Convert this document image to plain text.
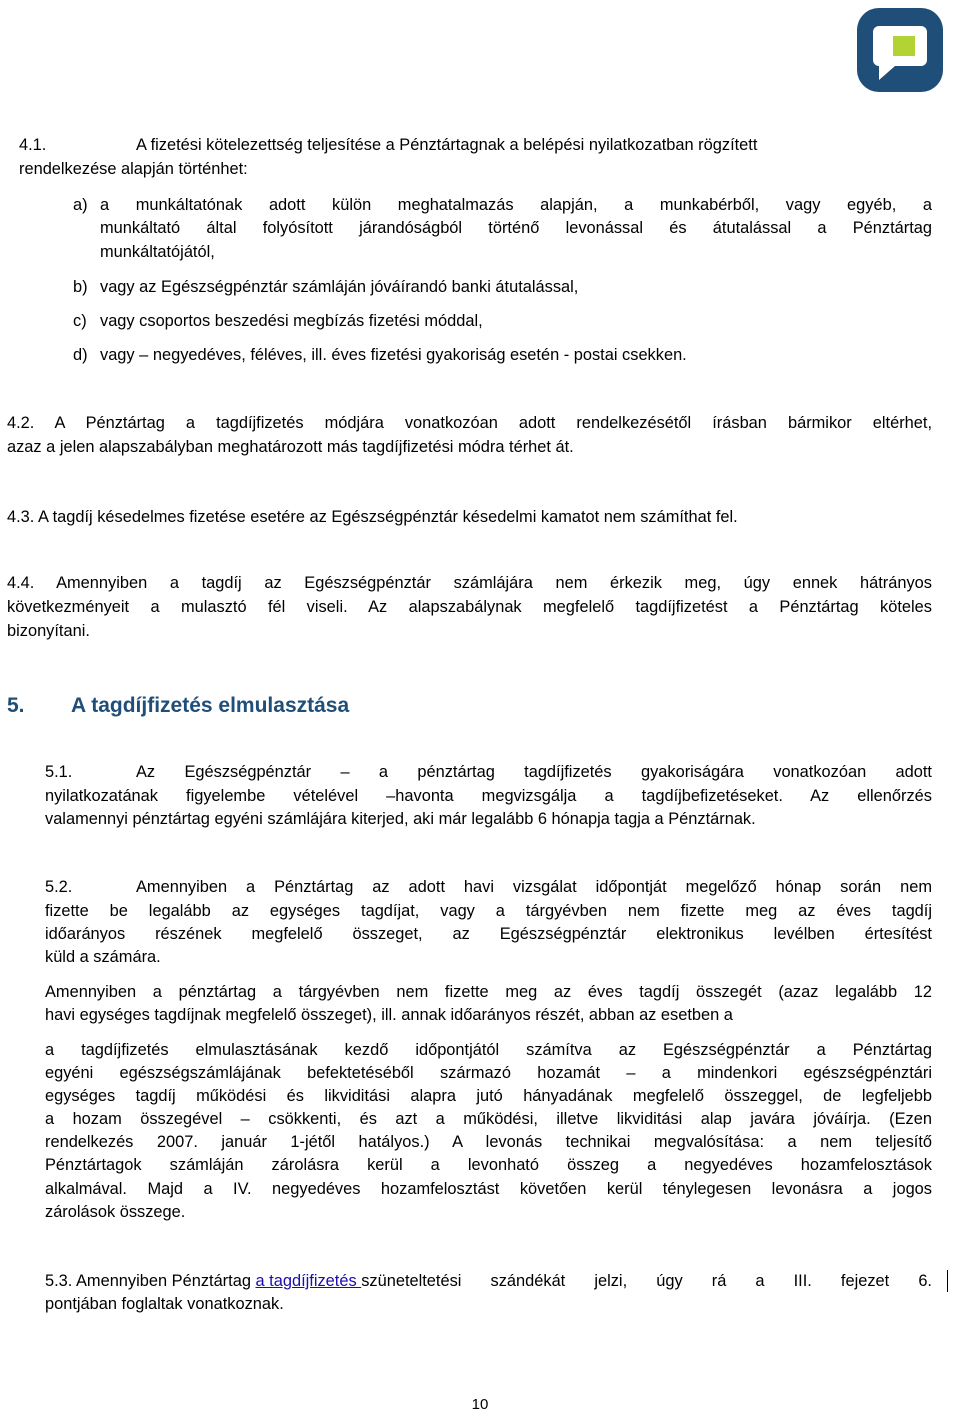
4.1.	A fizetési kötelezettség teljesítése a Pénztártagnak a belépési nyilatkozatban rögzített
rendelkezése alapján történhet:
a) a munkáltatónak adott külön meghatalmazás alapján, a munkabérből, vagy egyéb, a
munkáltató által folyósított járandóságból történő levonással és átutalással a Pénztártag
munkáltatójától,
b) vagy az Egészségpénztár számláján jóváírandó banki átutalással,
c) vagy csoportos beszedési megbízás fizetési móddal,
d) vagy – negyedéves, féléves, ill. éves fizetési gyakoriság esetén - postai csekken.
4.2. A Pénztártag a tagdíjfizetés módjára vonatkozóan adott rendelkezésétől írásban bármikor eltérhet,
azaz a jelen alapszabályban meghatározott más tagdíjfizetési módra térhet át.
4.3. A tagdíj késedelmes fizetése esetére az Egészségpénztár késedelmi kamatot nem számíthat fel.
4.4. Amennyiben a tagdíj az Egészségpénztár számlájára nem érkezik meg, úgy ennek hátrányos
következményeit a mulasztó fél viseli. Az alapszabálynak megfelelő tagdíjfizetést a Pénztártag köteles
bizonyítani.
5. A tagdíjfizetés elmulasztása
5.1.	Az Egészségpénztár – a pénztártag tagdíjfizetés gyakoriságára vonatkozóan adott
nyilatkozatának figyelembe vételével –havonta megvizsgálja a tagdíjbefizetéseket. Az ellenőrzés
valamennyi pénztártag egyéni számlájára kiterjed, aki már legalább 6 hónapja tagja a Pénztárnak.
5.2.	Amennyiben a Pénztártag az adott havi vizsgálat időpontját megelőző hónap során nem
fizette be legalább az egységes tagdíjat, vagy a tárgyévben nem fizette meg az éves tagdíj
időarányos részének megfelelő összeget, az Egészségpénztár elektronikus levélben értesítést
küld a számára.
Amennyiben a pénztártag a tárgyévben nem fizette meg az éves tagdíj összegét (azaz legalább 12
havi egységes tagdíjnak megfelelő összeget), ill. annak időarányos részét, abban az esetben a
a tagdíjfizetés elmulasztásának kezdő időpontjától számítva az Egészségpénztár a Pénztártag
egyéni egészségszámlájának befektetéséből származó hozamát – a mindenkori egészségpénztári
egységes tagdíj működési és likviditási alapra jutó hányadának megfelelő összeggel, de legfeljebb
a hozam összegével – csökkenti, és azt a működési, illetve likviditási alap javára jóváírja. (Ezen
rendelkezés 2007. január 1-jétől hatályos.) A levonás technikai megvalósítása: a nem teljesítő
Pénztártagok számláján zárolásra kerül a levonható összeg a negyedéves hozamfelosztások
alkalmával. Majd a IV. negyedéves hozamfelosztást követően kerül ténylegesen levonásra a jogos
zárolások összege.
5.3. Amennyiben Pénztártag a tagdíjfizetés szüneteltetési szándékát jelzi, úgy rá a III. fejezet 6.
pontjában foglaltak vonatkoznak.
10
